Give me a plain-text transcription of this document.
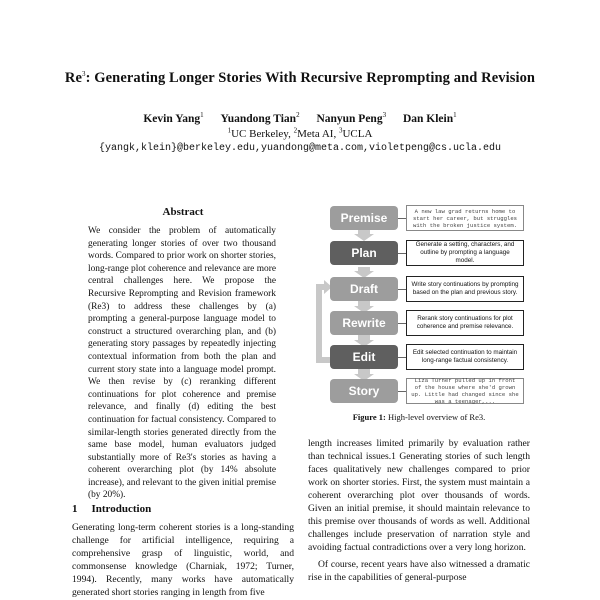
Re$^3$: Generating Longer Stories With Recursive Reprompting and Revision
Kevin Yang$^1$ Yuandong Tian$^2$ Nanyun Peng$^3$ Dan Klein$^1$
$^1$UC Berkeley, $^2$Meta AI, $^3$UCLA
{yangk,klein}@berkeley.edu,yuandong@meta.com,violetpeng@cs.ucla.edu
Abstract
We consider the problem of automatically generating longer stories of over two thousand words. Compared to prior work on shorter stories, long-range plot coherence and relevance are more central challenges here. We propose the Recursive Reprompting and Revision framework (Re3) to address these challenges by (a) prompting a general-purpose language model to construct a structured overarching plan, and (b) generating story passages by repeatedly injecting contextual information from both the plan and current story state into a language model prompt. We then revise by (c) reranking different continuations for plot coherence and premise relevance, and finally (d) editing the best continuation for factual consistency. Compared to similar-length stories generated directly from the same base model, human evaluators judged substantially more of Re3's stories as having a coherent overarching plot (by 14% absolute increase), and relevant to the given initial premise (by 20%).
1 Introduction
Generating long-term coherent stories is a long-standing challenge for artificial intelligence, requiring a comprehensive grasp of linguistic, world, and commonsense knowledge (Charniak, 1972; Turner, 1994). Recently, many works have automatically generated short stories ranging in length from five
Premise	A new law grad returns home to start her career, but struggles with the broken justice system.
Plan
Generate a setting, characters, and outline by prompting a language model.
Draft	Write story continuations by prompting based on the plan and previous story.
Rewrite	Rerank story continuations for plot coherence and premise relevance.
Edit	Edit selected continuation to maintain long-range factual consistency.
Story
Liza Turner pulled up in front of the house where she'd grown up. Little had changed since she was a teenager,...
Figure 1: High-level overview of Re3.

length increases limited primarily by evaluation rather than technical issues.1 Generating stories of such length faces qualitatively new challenges compared to prior work on shorter stories. First, the system must maintain a coherent overarching plot over thousands of words. Given an initial premise, it should maintain relevance to this premise over thousands of words as well. Additional challenges include preservation of narration style and avoiding factual contradictions over a very long horizon.

Of course, recent years have also witnessed a dramatic rise in the capabilities of general-purpose
